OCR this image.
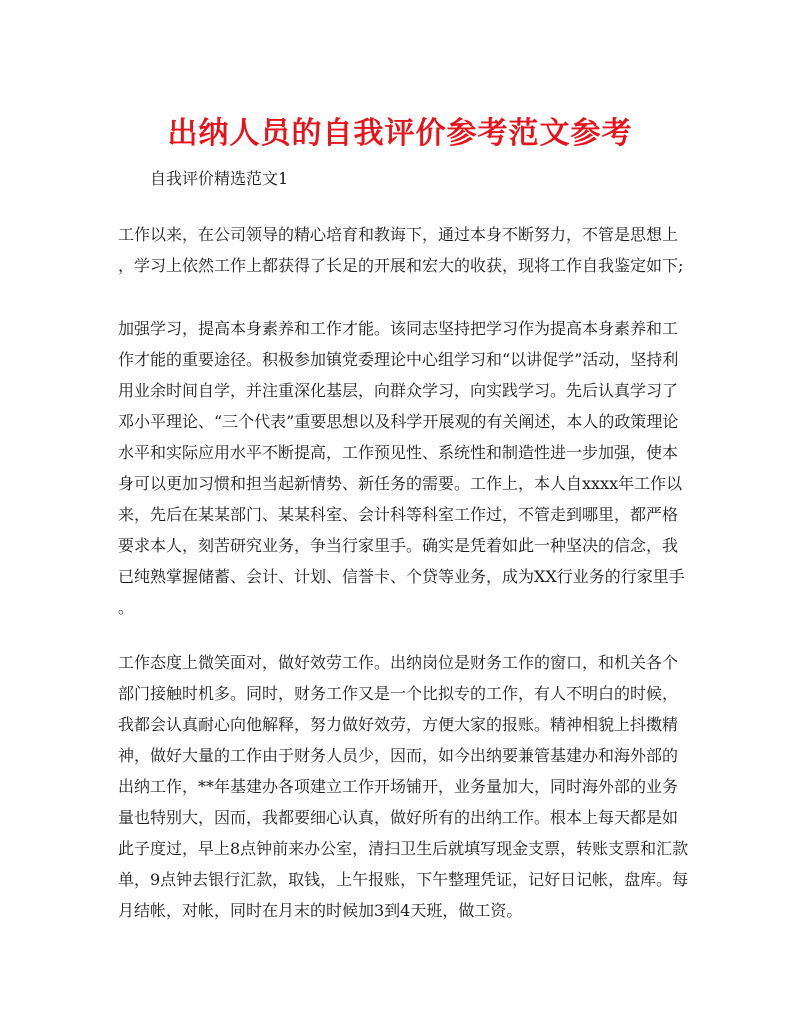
出纳人员的自我评价参考范文参考
自我评价精选范文1
工作以来，在公司领导的精心培育和教诲下，通过本身不断努力，不管是思想上
，学习上依然工作上都获得了长足的开展和宏大的收获，现将工作自我鉴定如下;
加强学习，提高本身素养和工作才能。该同志坚持把学习作为提高本身素养和工
作才能的重要途径。积极参加镇党委理论中心组学习和“以讲促学”活动，坚持利
用业余时间自学，并注重深化基层，向群众学习，向实践学习。先后认真学习了
邓小平理论、“三个代表”重要思想以及科学开展观的有关阐述，本人的政策理论
水平和实际应用水平不断提高，工作预见性、系统性和制造性进一步加强，使本
身可以更加习惯和担当起新情势、新任务的需要。工作上，本人自xxxx年工作以
来，先后在某某部门、某某科室、会计科等科室工作过，不管走到哪里，都严格
要求本人，刻苦研究业务，争当行家里手。确实是凭着如此一种坚决的信念，我
已纯熟掌握储蓄、会计、计划、信誉卡、个贷等业务，成为XX行业务的行家里手
。
工作态度上微笑面对，做好效劳工作。出纳岗位是财务工作的窗口，和机关各个
部门接触时机多。同时，财务工作又是一个比拟专的工作，有人不明白的时候，
我都会认真耐心向他解释，努力做好效劳，方便大家的报账。精神相貌上抖擞精
神，做好大量的工作由于财务人员少，因而，如今出纳要兼管基建办和海外部的
出纳工作，**年基建办各项建立工作开场铺开，业务量加大，同时海外部的业务
量也特别大，因而，我都要细心认真，做好所有的出纳工作。根本上每天都是如
此子度过，早上8点钟前来办公室，清扫卫生后就填写现金支票，转账支票和汇款
单，9点钟去银行汇款，取钱，上午报账，下午整理凭证，记好日记帐，盘库。每
月结帐，对帐，同时在月末的时候加3到4天班，做工资。
